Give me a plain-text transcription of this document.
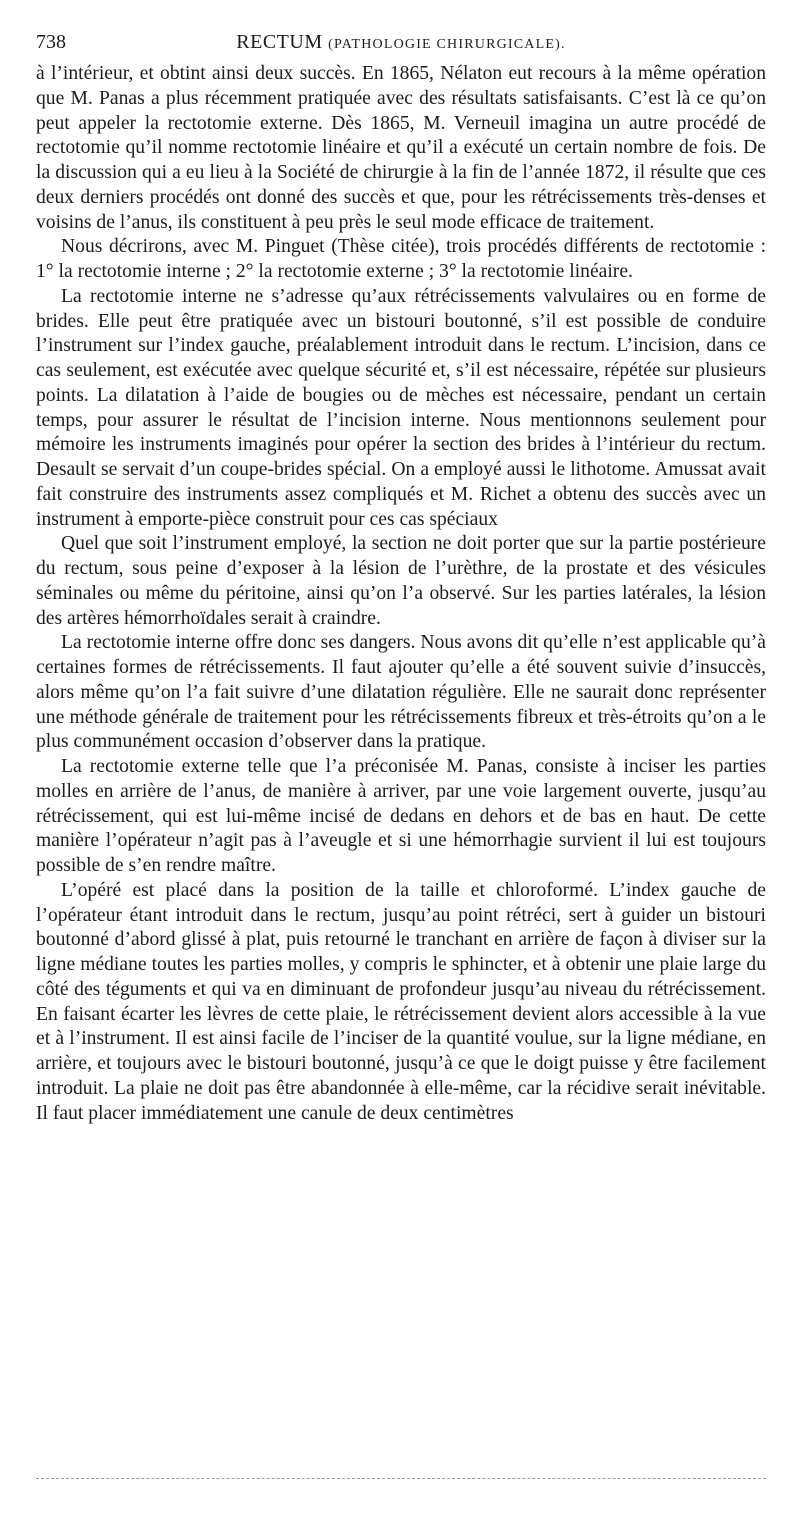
738	RECTUM (PATHOLOGIE CHIRURGICALE).

à l’intérieur, et obtint ainsi deux succès. En 1865, Nélaton eut recours à la même opération que M. Panas a plus récemment pratiquée avec des résultats satisfaisants. C’est là ce qu’on peut appeler la rectotomie externe. Dès 1865, M. Verneuil imagina un autre procédé de rectotomie qu’il nomme rectotomie linéaire et qu’il a exécuté un certain nombre de fois. De la discussion qui a eu lieu à la Société de chirurgie à la fin de l’année 1872, il résulte que ces deux derniers procédés ont donné des succès et que, pour les rétrécissements très-denses et voisins de l’anus, ils constituent à peu près le seul mode efficace de traitement.

Nous décrirons, avec M. Pinguet (Thèse citée), trois procédés différents de rectotomie : 1° la rectotomie interne ; 2° la rectotomie externe ; 3° la rectotomie linéaire.

La rectotomie interne ne s’adresse qu’aux rétrécissements valvulaires ou en forme de brides. Elle peut être pratiquée avec un bistouri boutonné, s’il est possible de conduire l’instrument sur l’index gauche, préalablement introduit dans le rectum. L’incision, dans ce cas seulement, est exécutée avec quelque sécurité et, s’il est nécessaire, répétée sur plusieurs points. La dilatation à l’aide de bougies ou de mèches est nécessaire, pendant un certain temps, pour assurer le résultat de l’incision interne. Nous mentionnons seulement pour mémoire les instruments imaginés pour opérer la section des brides à l’intérieur du rectum. Desault se servait d’un coupe-brides spécial. On a employé aussi le lithotome. Amussat avait fait construire des instruments assez compliqués et M. Richet a obtenu des succès avec un instrument à emporte-pièce construit pour ces cas spéciaux

Quel que soit l’instrument employé, la section ne doit porter que sur la partie postérieure du rectum, sous peine d’exposer à la lésion de l’urèthre, de la prostate et des vésicules séminales ou même du péritoine, ainsi qu’on l’a observé. Sur les parties latérales, la lésion des artères hémorrhoïdales serait à craindre.

La rectotomie interne offre donc ses dangers. Nous avons dit qu’elle n’est applicable qu’à certaines formes de rétrécissements. Il faut ajouter qu’elle a été souvent suivie d’insuccès, alors même qu’on l’a fait suivre d’une dilatation régulière. Elle ne saurait donc représenter une méthode générale de traitement pour les rétrécissements fibreux et très-étroits qu’on a le plus communément occasion d’observer dans la pratique.

La rectotomie externe telle que l’a préconisée M. Panas, consiste à inciser les parties molles en arrière de l’anus, de manière à arriver, par une voie largement ouverte, jusqu’au rétrécissement, qui est lui-même incisé de dedans en dehors et de bas en haut. De cette manière l’opérateur n’agit pas à l’aveugle et si une hémorrhagie survient il lui est toujours possible de s’en rendre maître.

L’opéré est placé dans la position de la taille et chloroformé. L’index gauche de l’opérateur étant introduit dans le rectum, jusqu’au point rétréci, sert à guider un bistouri boutonné d’abord glissé à plat, puis retourné le tranchant en arrière de façon à diviser sur la ligne médiane toutes les parties molles, y compris le sphincter, et à obtenir une plaie large du côté des téguments et qui va en diminuant de profondeur jusqu’au niveau du rétrécissement. En faisant écarter les lèvres de cette plaie, le rétrécissement devient alors accessible à la vue et à l’instrument. Il est ainsi facile de l’inciser de la quantité voulue, sur la ligne médiane, en arrière, et toujours avec le bistouri boutonné, jusqu’à ce que le doigt puisse y être facilement introduit. La plaie ne doit pas être abandonnée à elle-même, car la récidive serait inévitable. Il faut placer immédiatement une canule de deux centimètres
